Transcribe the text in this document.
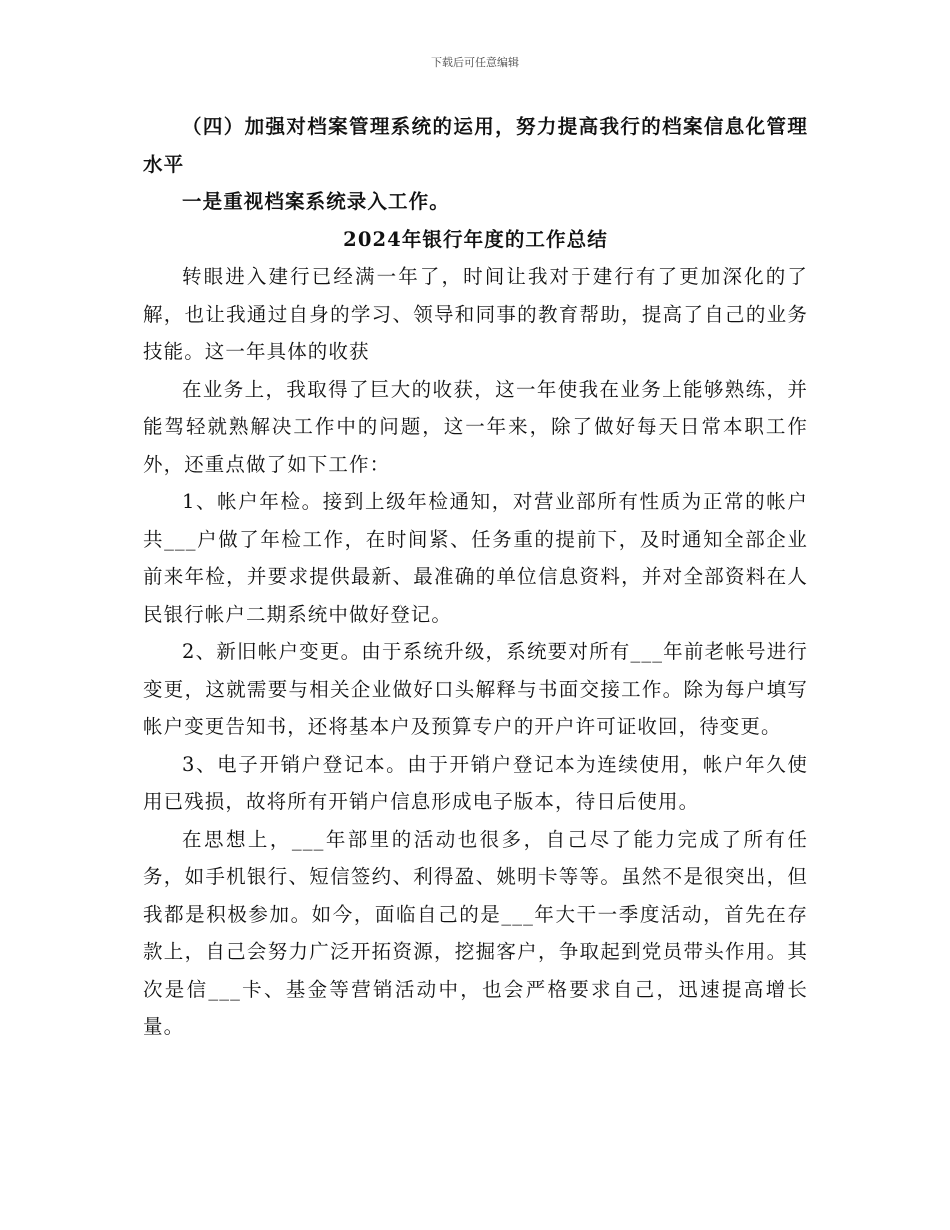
下载后可任意编辑

（四）加强对档案管理系统的运用，努力提高我行的档案信息化管理水平

一是重视档案系统录入工作。

2024年银行年度的工作总结

转眼进入建行已经满一年了，时间让我对于建行有了更加深化的了解，也让我通过自身的学习、领导和同事的教育帮助，提高了自己的业务技能。这一年具体的收获

在业务上，我取得了巨大的收获，这一年使我在业务上能够熟练，并能驾轻就熟解决工作中的问题，这一年来，除了做好每天日常本职工作外，还重点做了如下工作：

1、帐户年检。接到上级年检通知，对营业部所有性质为正常的帐户共___户做了年检工作，在时间紧、任务重的提前下，及时通知全部企业前来年检，并要求提供最新、最准确的单位信息资料，并对全部资料在人民银行帐户二期系统中做好登记。

2、新旧帐户变更。由于系统升级，系统要对所有___年前老帐号进行变更，这就需要与相关企业做好口头解释与书面交接工作。除为每户填写帐户变更告知书，还将基本户及预算专户的开户许可证收回，待变更。

3、电子开销户登记本。由于开销户登记本为连续使用，帐户年久使用已残损，故将所有开销户信息形成电子版本，待日后使用。

在思想上，___年部里的活动也很多，自己尽了能力完成了所有任务，如手机银行、短信签约、利得盈、姚明卡等等。虽然不是很突出，但我都是积极参加。如今，面临自己的是___年大干一季度活动，首先在存款上，自己会努力广泛开拓资源，挖掘客户，争取起到党员带头作用。其次是信___卡、基金等营销活动中，也会严格要求自己，迅速提高增长量。
